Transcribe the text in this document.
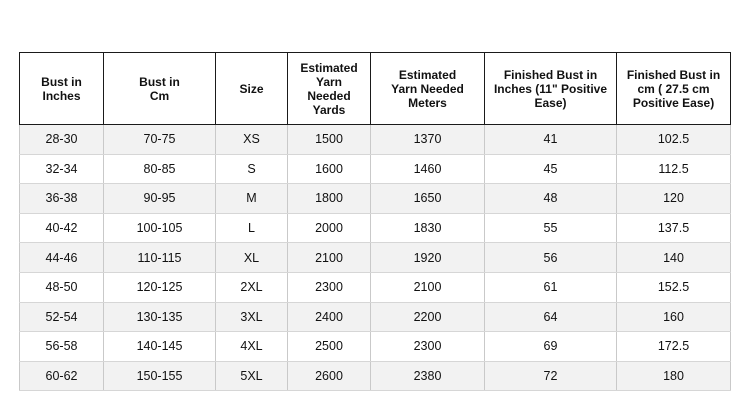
Bust in
Inches	Bust in
Cm	Size	Estimated
Yarn
Needed
Yards	Estimated
Yarn Needed
Meters	Finished Bust in
Inches (11" Positive
Ease)	Finished Bust in
cm ( 27.5 cm
Positive Ease)
28-30	70-75	XS	1500	1370	41	102.5
32-34	80-85	S	1600	1460	45	112.5
36-38	90-95	M	1800	1650	48	120
40-42	100-105	L	2000	1830	55	137.5
44-46	110-115	XL	2100	1920	56	140
48-50	120-125	2XL	2300	2100	61	152.5
52-54	130-135	3XL	2400	2200	64	160
56-58	140-145	4XL	2500	2300	69	172.5
60-62	150-155	5XL	2600	2380	72	180
